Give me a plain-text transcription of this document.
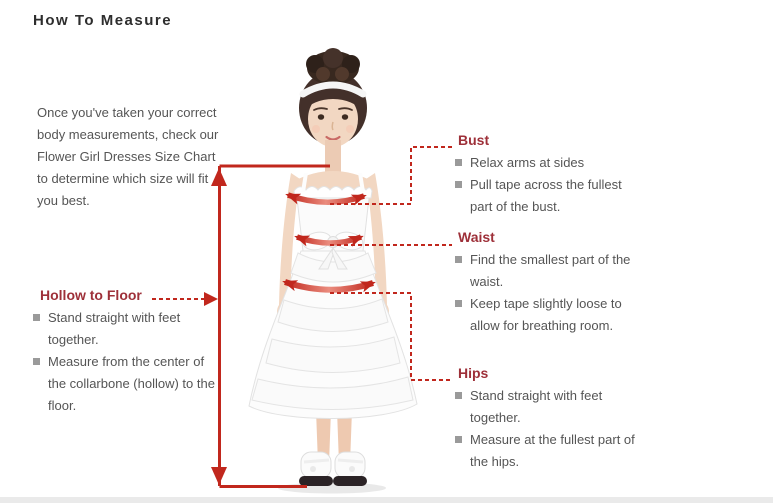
How To Measure
Once you've taken your correct body measurements, check our Flower Girl Dresses Size Chart to determine which size will fit you best.
Hollow to Floor
Stand straight with feet together.
Measure from the center of the collarbone (hollow) to the floor.
Bust
Relax arms at sides
Pull tape across the fullest part of the bust.
Waist
Find the smallest part of the waist.
Keep tape slightly loose to allow for breathing room.
Hips
Stand straight with feet together.
Measure at the fullest part of the hips.
